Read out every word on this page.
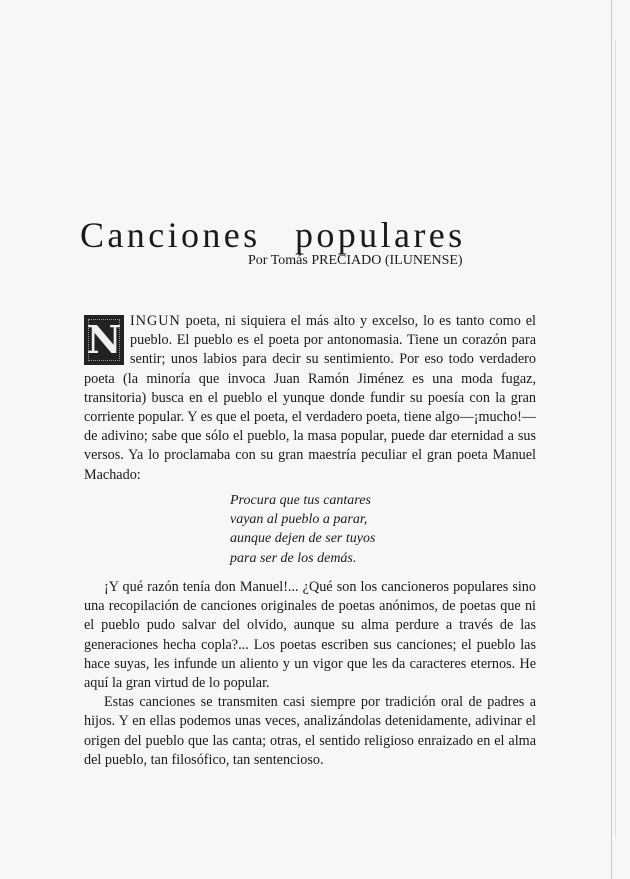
Canciones populares
Por Tomás PRECIADO (ILUNENSE)

N INGUN poeta, ni siquiera el más alto y excelso, lo es tanto como el pueblo. El pueblo es el poeta por antonomasia. Tiene un corazón para sentir; unos labios para decir su sentimiento. Por eso todo verdadero poeta (la minoría que invoca Juan Ramón Jiménez es una moda fugaz, transitoria) busca en el pueblo el yunque donde fundir su poesía con la gran corriente popular. Y es que el poeta, el verdadero poeta, tiene algo—¡mucho!—de adivino; sabe que sólo el pueblo, la masa popular, puede dar eternidad a sus versos. Ya lo proclamaba con su gran maestría peculiar el gran poeta Manuel Machado:

Procura que tus cantares
vayan al pueblo a parar,
aunque dejen de ser tuyos
para ser de los demás.

¡Y qué razón tenía don Manuel!... ¿Qué son los cancioneros populares sino una recopilación de canciones originales de poetas anónimos, de poetas que ni el pueblo pudo salvar del olvido, aunque su alma perdure a través de las generaciones hecha copla?... Los poetas escriben sus canciones; el pueblo las hace suyas, les infunde un aliento y un vigor que les da caracteres eternos. He aquí la gran virtud de lo popular.

Estas canciones se transmiten casi siempre por tradición oral de padres a hijos. Y en ellas podemos unas veces, analizándolas detenidamente, adivinar el origen del pueblo que las canta; otras, el sentido religioso enraizado en el alma del pueblo, tan filosófico, tan sentencioso.
